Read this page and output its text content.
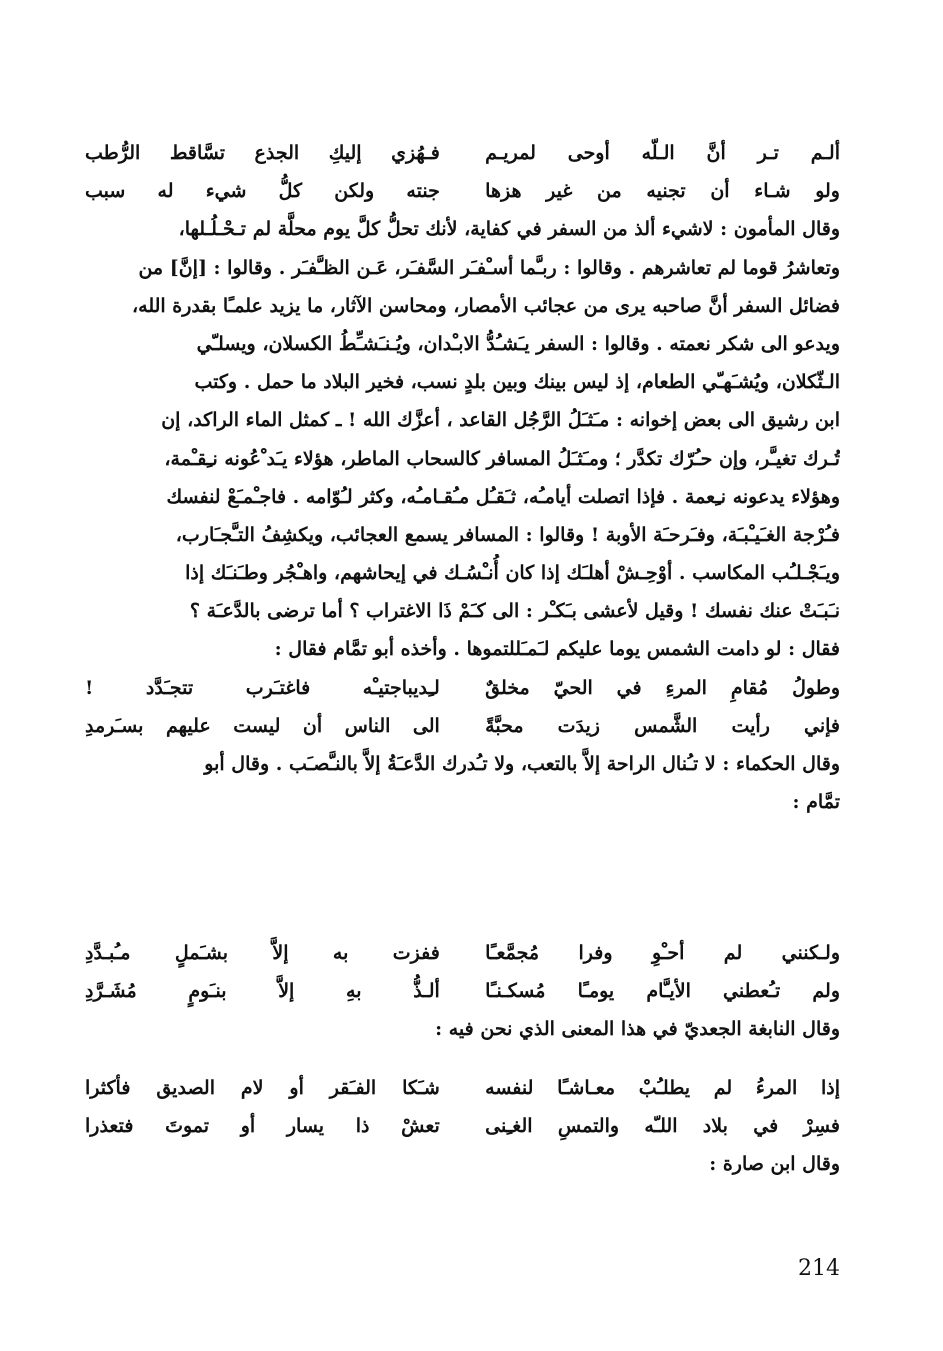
ألـم تـر أنَّ الـلّه أوحى لمريـم
فـهُزي إليكِ الجذع تسَّاقط الرُّطب
ولو شـاء أن تجنيه من غير هزها
جنته ولكن كلُّ شيء له سبب
وقال المأمون : لاشيء ألذ من السفر في كفاية، لأنك تحلُّ كلَّ يوم محلَّة لم تـحْـلُـلها،
وتعاشرُ قوما لم تعاشرهم . وقالوا : ربـَّما أسـْفـَر السَّفـَر، عَـن الظـَّفـَر . وقالوا : [إنَّ] من
فضائل السفر أنَّ صاحبه يرى من عجائب الأمصار، ومحاسن الآثار، ما يزيد علمـًا بقدرة الله،
ويدعو الى شكر نعمته . وقالوا : السفر يـَشـُدُّ الابـْدان، ويُـنـَشـِّطُ الكسلان، ويسلـّي
الـثّكلان، ويُشـَهـّي الطعام، إذ ليس بينك وبين بلدٍ نسب، فخير البلاد ما حمل . وكتب
ابن رشيق الى بعض إخوانه : مـَثـَلُ الرَّجُل القاعد ، أعزَّك الله ! ـ كمثل الماء الراكد، إن
تُـرك تغيـَّر، وإن حـُرّك تكدَّر ؛ ومـَثـَلُ المسافر كالسحاب الماطر، هؤلاء يـَد ْعُونه نـِقـْمة،
وهؤلاء يدعونه نـِعمة . فإذا اتصلت أيامـُه، ثـَقـُل مـُقـامـُه، وكثر لـُوّامه . فاجـْمـَعْ لنفسك
فـُرْجة الغـَيـْبـَة، وفـَرحـَة الأوبة ! وقالوا : المسافر يسمع العجائب، ويكشِفُ التـَّجـَارب،
ويـَجْـلـُب المكاسب . أوْحِـشْ أهلـَك إذا كان أُنـْسُـك في إيحاشهم، واهـْجُر وطـَنـَك إذا
نـَبـَتْ عنك نفسك ! وقيل لأعشى بـَكـْر : الى كـَمْ ذَا الاغتراب ؟ أما ترضى بالدَّعـَة ؟
فقال : لو دامت الشمس يوما عليكم لـَمـَللتموها . وأخذه أبو تمَّام فقال :
وطولُ مُقامِ المرءِ في الحيّ مخلقٌ
لـِديباجتيـْه فاغتـَرب تتجـَدَّد !
فإني رأيت الشَّمس زيدَت محبَّةً
الى الناس أن ليست عليهم بسـَرمدِ
وقال الحكماء : لا تـُنال الراحة إلاَّ بالتعب، ولا تـُدرك الدَّعـَةُ إلاَّ بالنـَّصـَب . وقال أبو
تمَّام :
ولـكنني لم أحـْوِ وفرا مُجمَّعـًا
ففزت به إلاَّ بشـَملٍ مـُبـدَّدِ
ولم تـُعطني الأيـَّام يومـًا مُسكـنـًا
ألـذُّ بهِ إلاَّ بنـَومٍ مُشَـرَّدِ
وقال النابغة الجعديّ في هذا المعنى الذي نحن فيه :
إذا المرءُ لم يطلـُبْ معـاشـًا لنفسه
شـَكا الفـَقر أو لام الصديق فأكثرا
فسِرْ في بلاد اللـّه والتمسِ الغـِنى
تعشْ ذا يسار أو تموتَ فتعذرا
وقال ابن صارة :
214
